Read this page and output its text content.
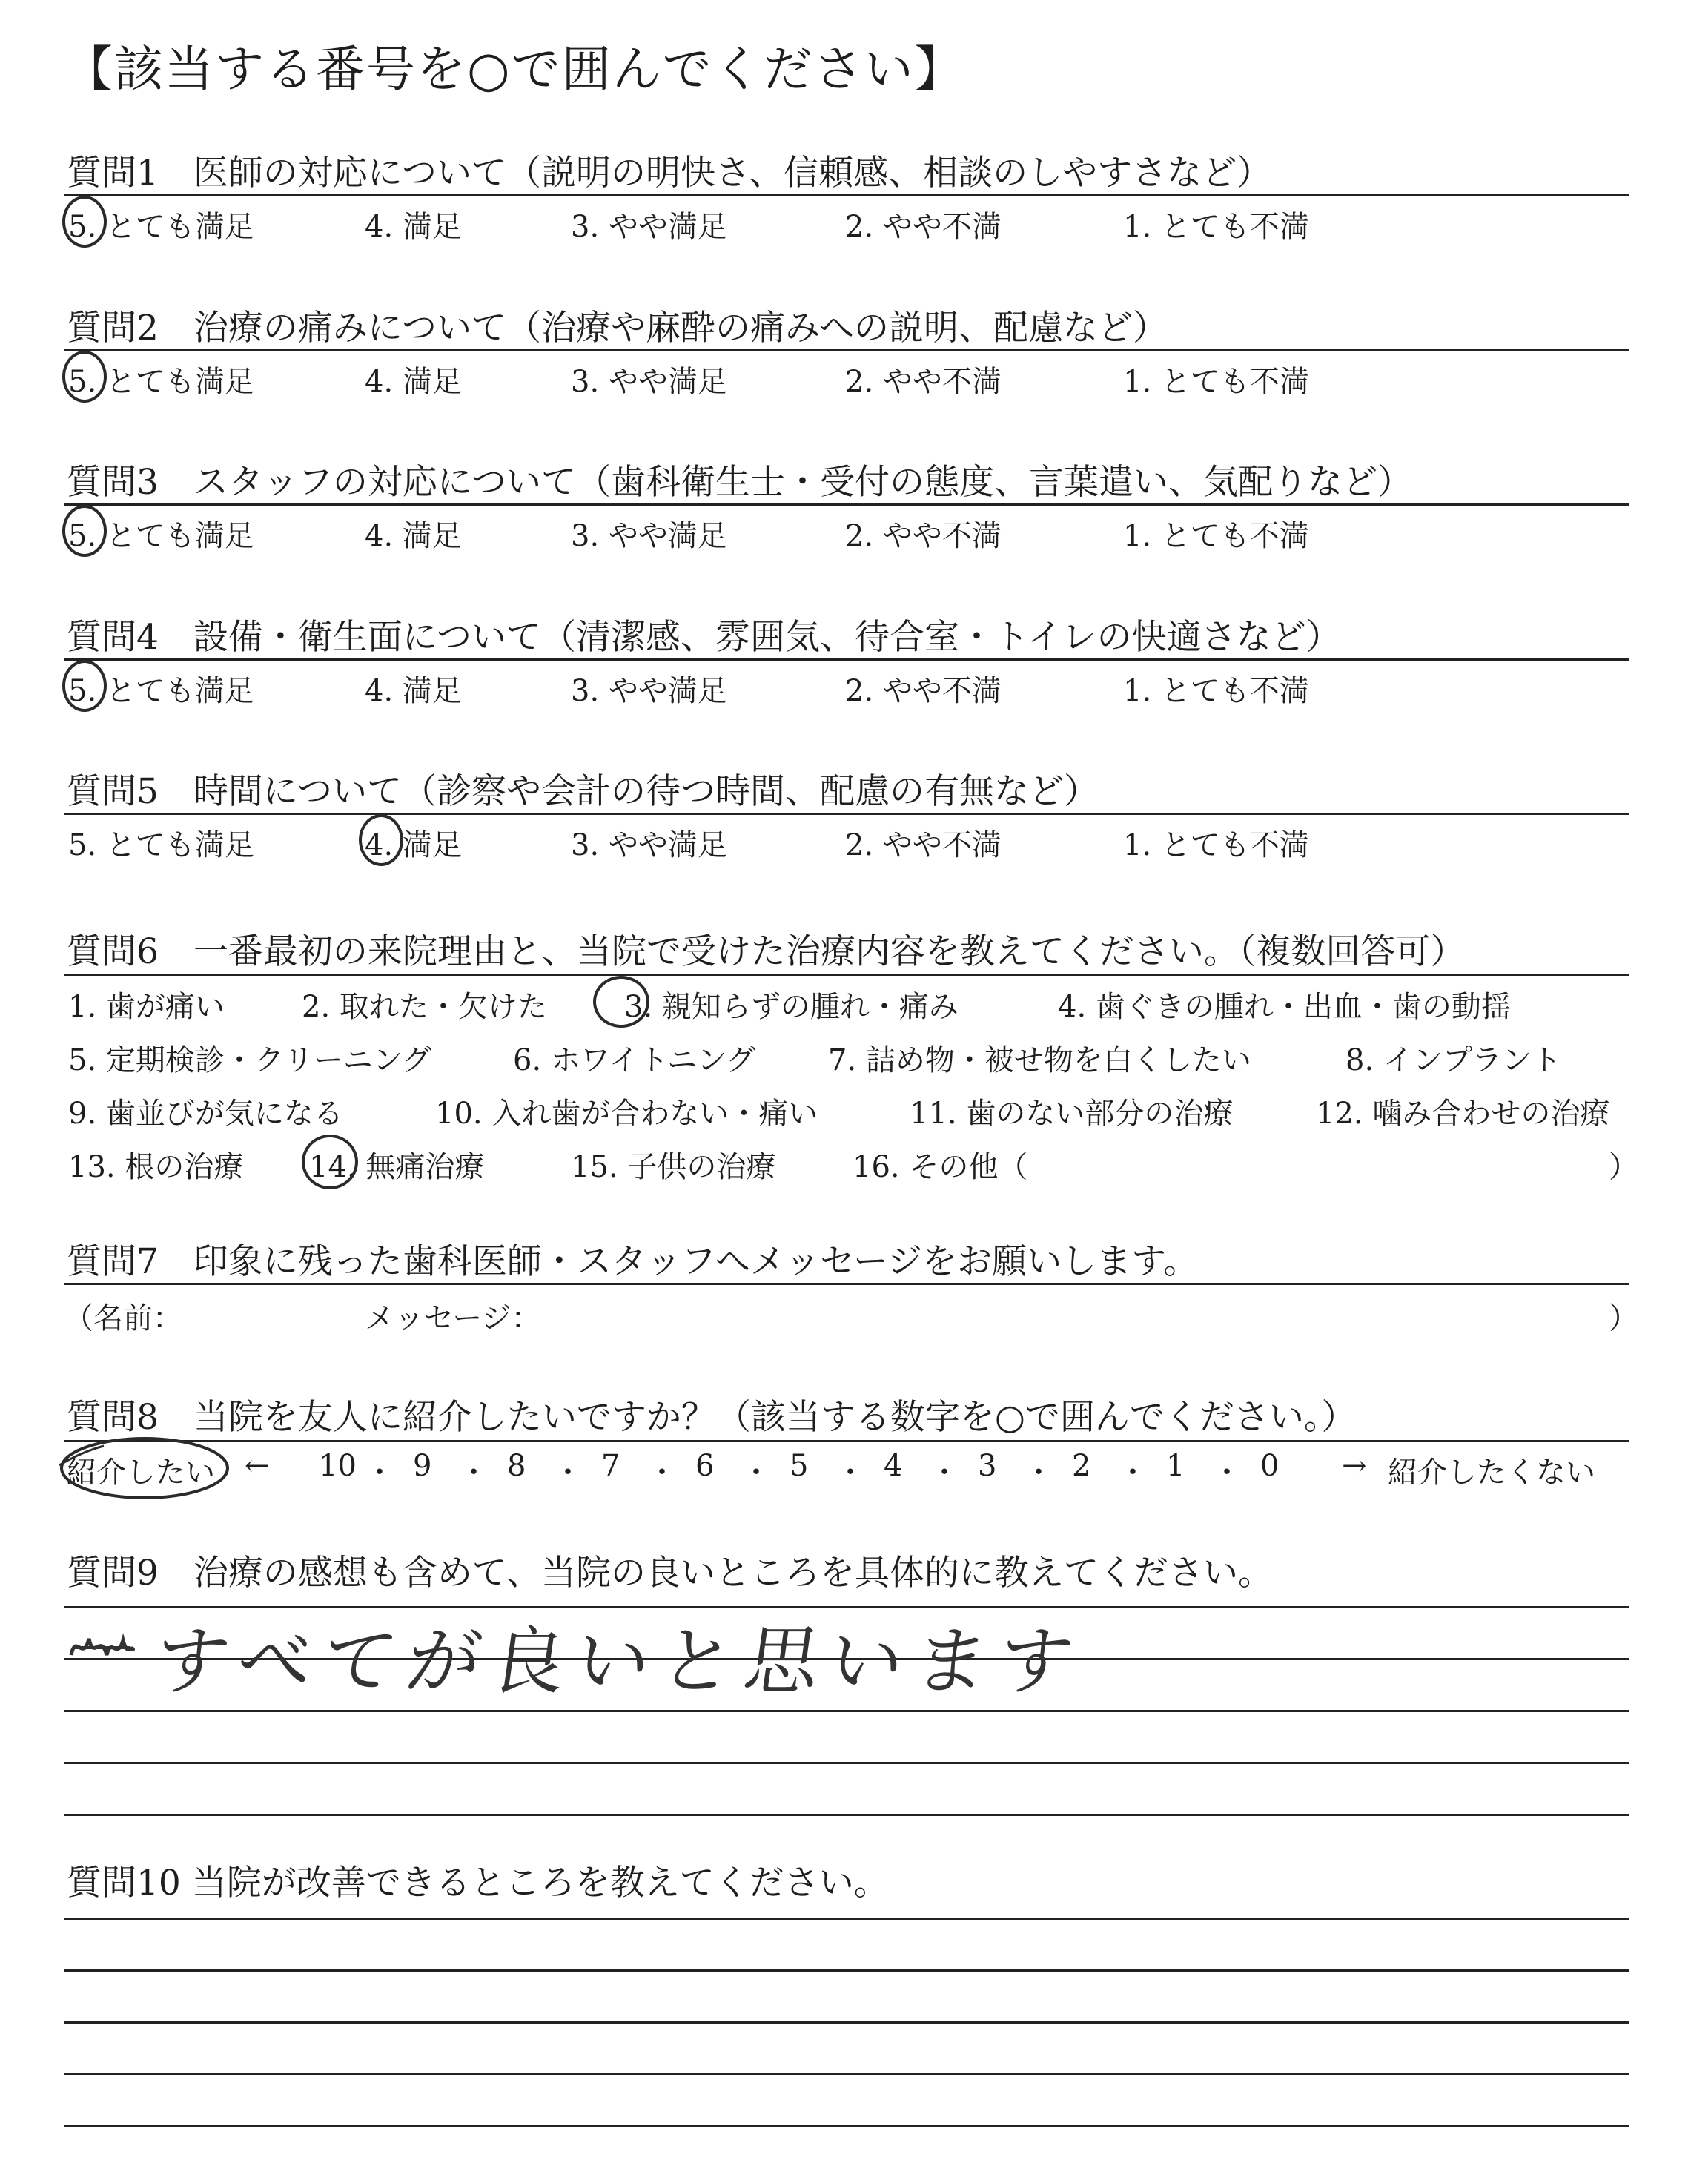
【該当する番号を○で囲んでください】
質問1　医師の対応について（説明の明快さ、信頼感、相談のしやすさなど）
5. とても満足	4. 満足	3. やや満足	2. やや不満	1. とても不満
質問2　治療の痛みについて（治療や麻酔の痛みへの説明、配慮など）
5. とても満足	4. 満足	3. やや満足	2. やや不満	1. とても不満
質問3　スタッフの対応について（歯科衛生士・受付の態度、言葉遣い、気配りなど）
5. とても満足	4. 満足	3. やや満足	2. やや不満	1. とても不満
質問4　設備・衛生面について（清潔感、雰囲気、待合室・トイレの快適さなど）
5. とても満足	4. 満足	3. やや満足	2. やや不満	1. とても不満
質問5　時間について（診察や会計の待つ時間、配慮の有無など）
5. とても満足	4. 満足	3. やや満足	2. やや不満	1. とても不満
質問6　一番最初の来院理由と、当院で受けた治療内容を教えてください。（複数回答可）
1. 歯が痛い	2. 取れた・欠けた	3. 親知らずの腫れ・痛み	4. 歯ぐきの腫れ・出血・歯の動揺
5. 定期検診・クリーニング	6. ホワイトニング 7. 詰め物・被せ物を白くしたい	8. インプラント
9. 歯並びが気になる	10. 入れ歯が合わない・痛い	11. 歯のない部分の治療	12. 噛み合わせの治療
13. 根の治療 14. 無痛治療	15. 子供の治療	16. その他（	）
質問7　印象に残った歯科医師・スタッフへメッセージをお願いします。
（名前：	メッセージ：	）
質問8　当院を友人に紹介したいですか？（該当する数字を○で囲んでください。）
紹介したい ← 10 ・ 9 ・ 8 ・ 7 ・ 6 ・ 5 ・ 4 ・ 3 ・ 2 ・ 1 ・ 0 → 紹介したくない
質問9　治療の感想も含めて、当院の良いところを具体的に教えてください。
すべてが良いと思います
質問10 当院が改善できるところを教えてください。
